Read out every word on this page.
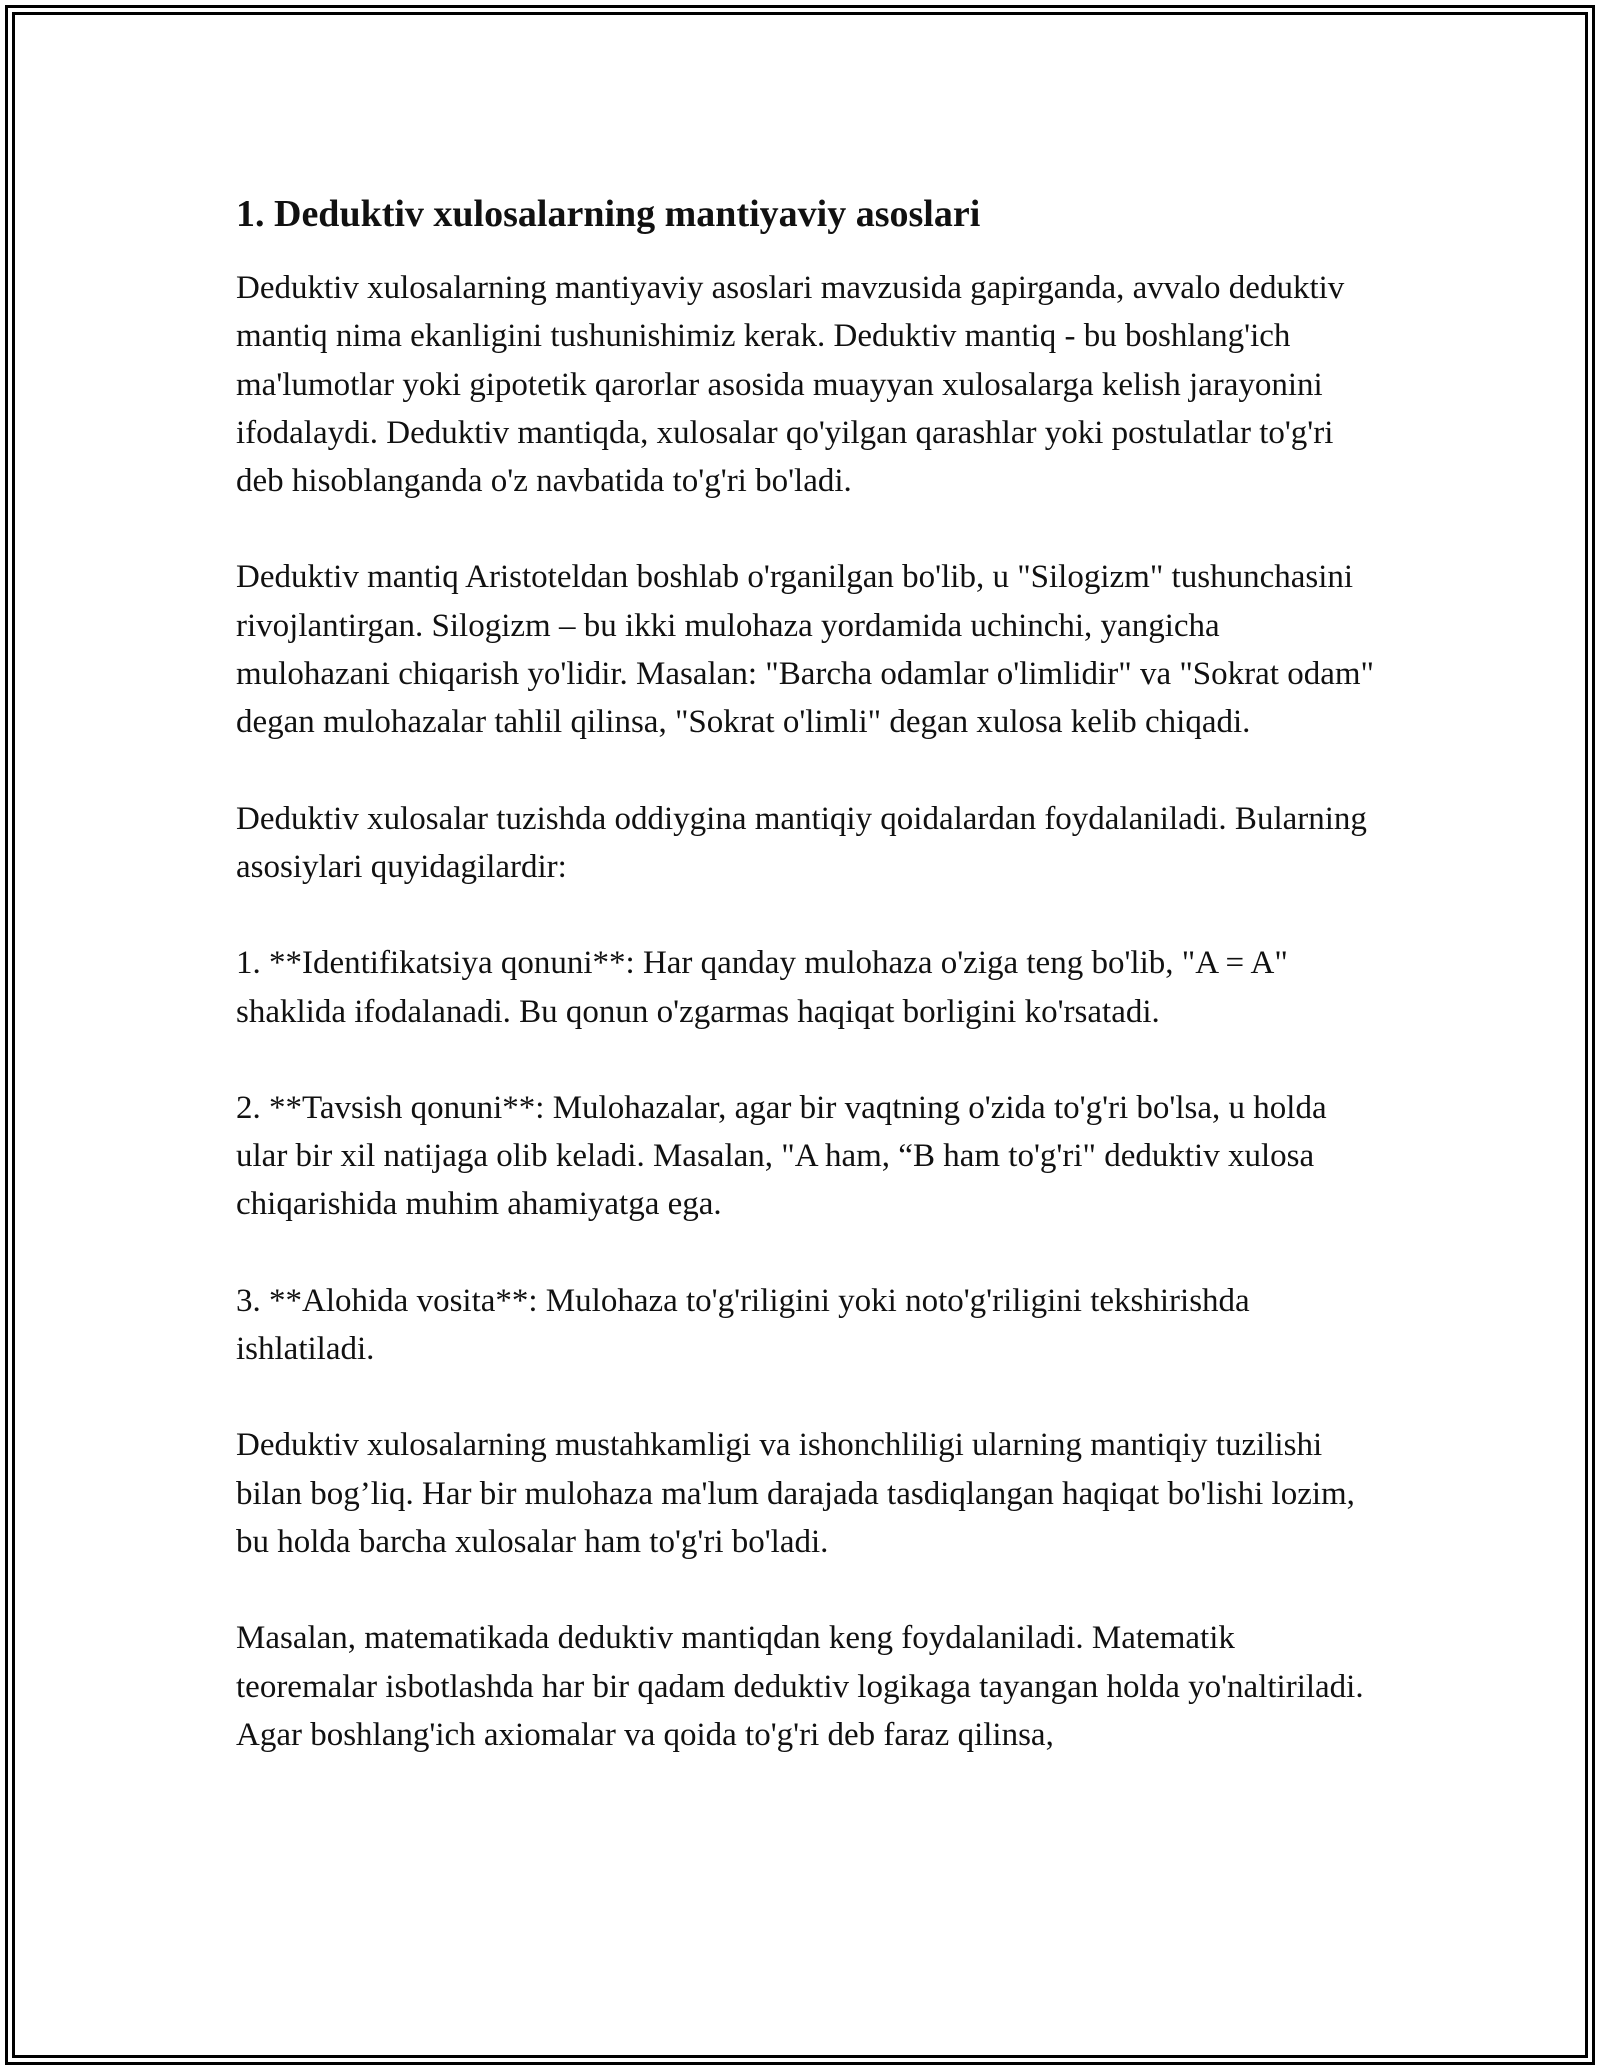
1. Deduktiv xulosalarning mantiyaviy asoslari

Deduktiv xulosalarning mantiyaviy asoslari mavzusida gapirganda, avvalo deduktiv mantiq nima ekanligini tushunishimiz kerak. Deduktiv mantiq - bu boshlang'ich ma'lumotlar yoki gipotetik qarorlar asosida muayyan xulosalarga kelish jarayonini ifodalaydi. Deduktiv mantiqda, xulosalar qo'yilgan qarashlar yoki postulatlar to'g'ri deb hisoblanganda o'z navbatida to'g'ri bo'ladi.

Deduktiv mantiq Aristoteldan boshlab o'rganilgan bo'lib, u "Silogizm" tushunchasini rivojlantirgan. Silogizm – bu ikki mulohaza yordamida uchinchi, yangicha mulohazani chiqarish yo'lidir. Masalan: "Barcha odamlar o'limlidir" va "Sokrat odam" degan mulohazalar tahlil qilinsa, "Sokrat o'limli" degan xulosa kelib chiqadi.

Deduktiv xulosalar tuzishda oddiygina mantiqiy qoidalardan foydalaniladi. Bularning asosiylari quyidagilardir:

1. **Identifikatsiya qonuni**: Har qanday mulohaza o'ziga teng bo'lib, "A = A" shaklida ifodalanadi. Bu qonun o'zgarmas haqiqat borligini ko'rsatadi.

2. **Tavsish qonuni**: Mulohazalar, agar bir vaqtning o'zida to'g'ri bo'lsa, u holda ular bir xil natijaga olib keladi. Masalan, "A ham, “B ham to'g'ri" deduktiv xulosa chiqarishida muhim ahamiyatga ega.

3. **Alohida vosita**: Mulohaza to'g'riligini yoki noto'g'riligini tekshirishda ishlatiladi.

Deduktiv xulosalarning mustahkamligi va ishonchliligi ularning mantiqiy tuzilishi bilan bog’liq. Har bir mulohaza ma'lum darajada tasdiqlangan haqiqat bo'lishi lozim, bu holda barcha xulosalar ham to'g'ri bo'ladi.

Masalan, matematikada deduktiv mantiqdan keng foydalaniladi. Matematik teoremalar isbotlashda har bir qadam deduktiv logikaga tayangan holda yo'naltiriladi. Agar boshlang'ich axiomalar va qoida to'g'ri deb faraz qilinsa,
